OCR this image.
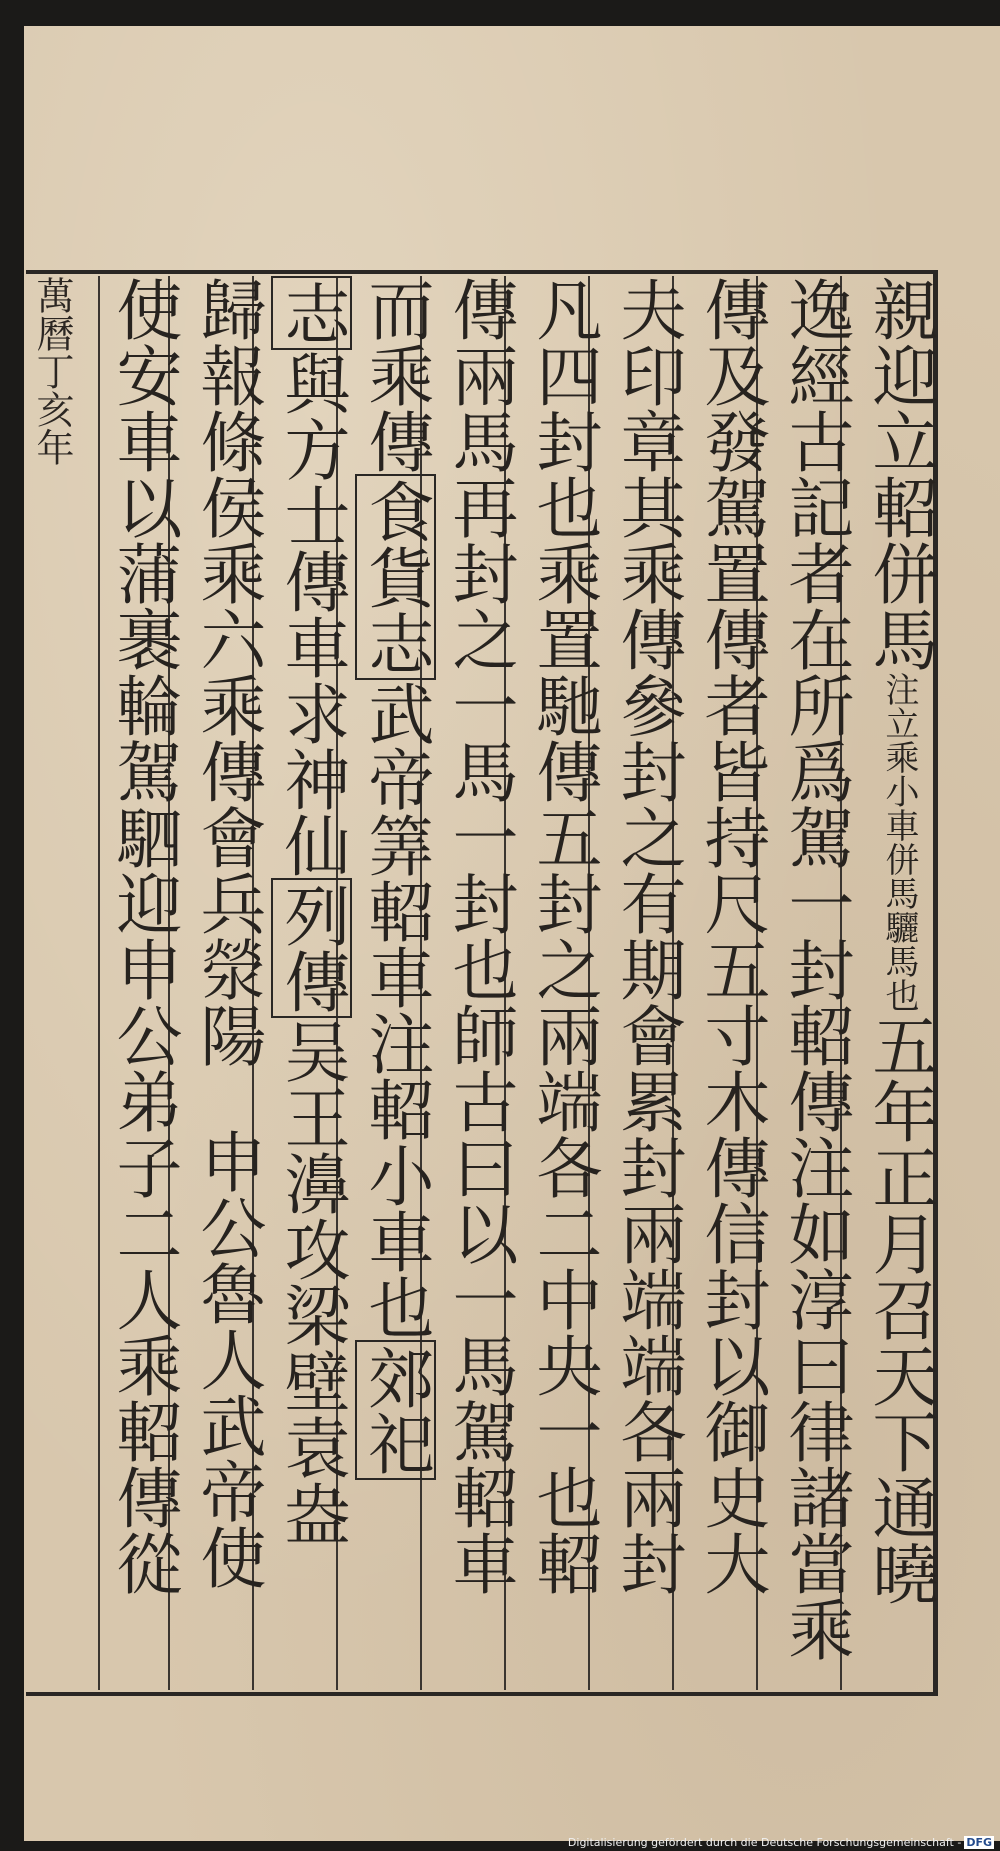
萬曆丁亥年	親迎立軺併馬注立乘小車併馬驪馬也五年正月召天下通曉
逸經古記者在所爲駕一封軺傳注如淳曰律諸當乘
傳及發駕置傳者皆持尺五寸木傳信封以御史大
夫印章其乘傳參封之有期會累封兩端端各兩封
凡四封也乘置馳傳五封之兩端各二中央一也軺
傳兩馬再封之一馬一封也師古曰以一馬駕軺車
而乘傳食貨志武帝筭軺車注軺小車也郊祀
志與方士傳車求神仙列傳吴王濞攻梁壁袁盎
歸報條侯乘六乘傳會兵滎陽申公魯人武帝使
使安車以蒲裹輪駕駟迎申公弟子二人乘軺傳從
Digitalisierung gefördert durch die Deutsche Forschungsgemeinschaft - DFG
